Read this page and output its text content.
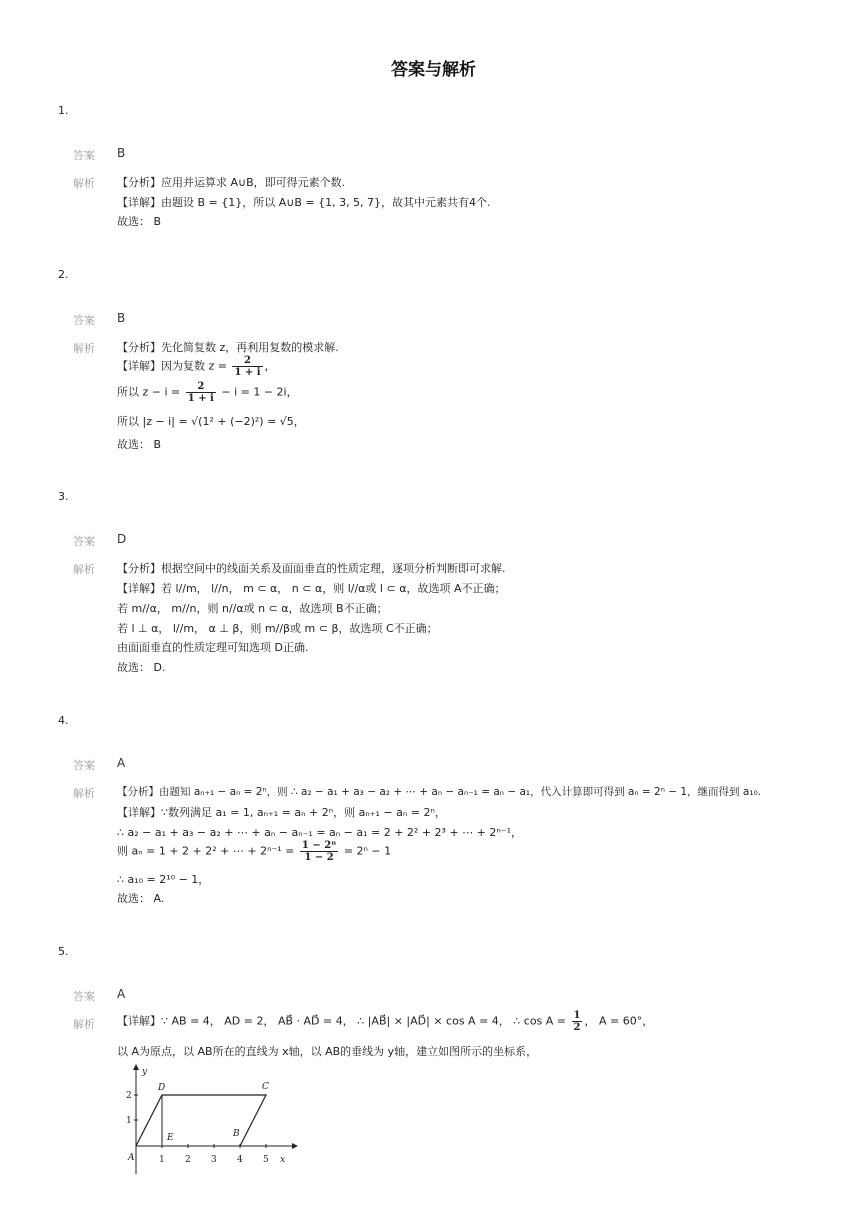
答案与解析
1.
答案 B
解析 【分析】应用并运算求 A∪B，即可得元素个数.
【详解】由题设 B = {1}，所以 A∪B = {1, 3, 5, 7}，故其中元素共有4个.
故选： B
2.
答案 B
解析 【分析】先化简复数 z，再利用复数的模求解.
【详解】因为复数 $z = \frac{2}{1 + i}$ ，
所以 $z - i = \frac{2}{1 + i} - i = 1 - 2i$，
所以 |z − i| = √(1² + (−2)²) = √5，
故选： B
3.
答案 D
解析 【分析】根据空间中的线面关系及面面垂直的性质定理，逐项分析判断即可求解.
【详解】若 l//m， l//n， m ⊂ α， n ⊂ α，则 l//α或 l ⊂ α，故选项 A不正确；
若 m//α， m//n，则 n//α或 n ⊂ α，故选项 B不正确；
若 l ⊥ α， l//m， α ⊥ β，则 m//β或 m ⊂ β，故选项 C不正确；
由面面垂直的性质定理可知选项 D正确.
故选： D.
4.
答案 A
解析 【分析】由题知 aₙ₊₁ − aₙ = 2ⁿ，则 ∴ a₂ − a₁ + a₃ − a₂ + ⋯ + aₙ − aₙ₋₁ = aₙ − a₁，代入计算即可得到 aₙ = 2ⁿ − 1，继而得到 a₁₀.
【详解】∵数列满足 a₁ = 1, aₙ₊₁ = aₙ + 2ⁿ，则 aₙ₊₁ − aₙ = 2ⁿ，
∴ a₂ − a₁ + a₃ − a₂ + ⋯ + aₙ − aₙ₋₁ = aₙ − a₁ = 2 + 2² + 2³ + ⋯ + 2ⁿ⁻¹，
则 aₙ = 1 + 2 + 2² + ⋯ + $2^{n-1} = \frac{\text{1 − 2ⁿ}}{1 - 2} = 2^n - 1$
∴ a₁₀ = 2¹⁰ − 1，
故选： A.
5.
答案 A
解析 【详解】∵ AB = 4， AD = 2， AB⃗ · AD⃗ = 4， ∴ |AB⃗| × |AD⃗| × cos A = 4， ∴ $\cos A = \frac{1}{2}$ ， A = 60°，
以 A为原点，以 AB所在的直线为 x轴，以 AB的垂线为 y轴，建立如图所示的坐标系，
A
D	C
B
E
y
x
1 2 3 4 5
1
2
